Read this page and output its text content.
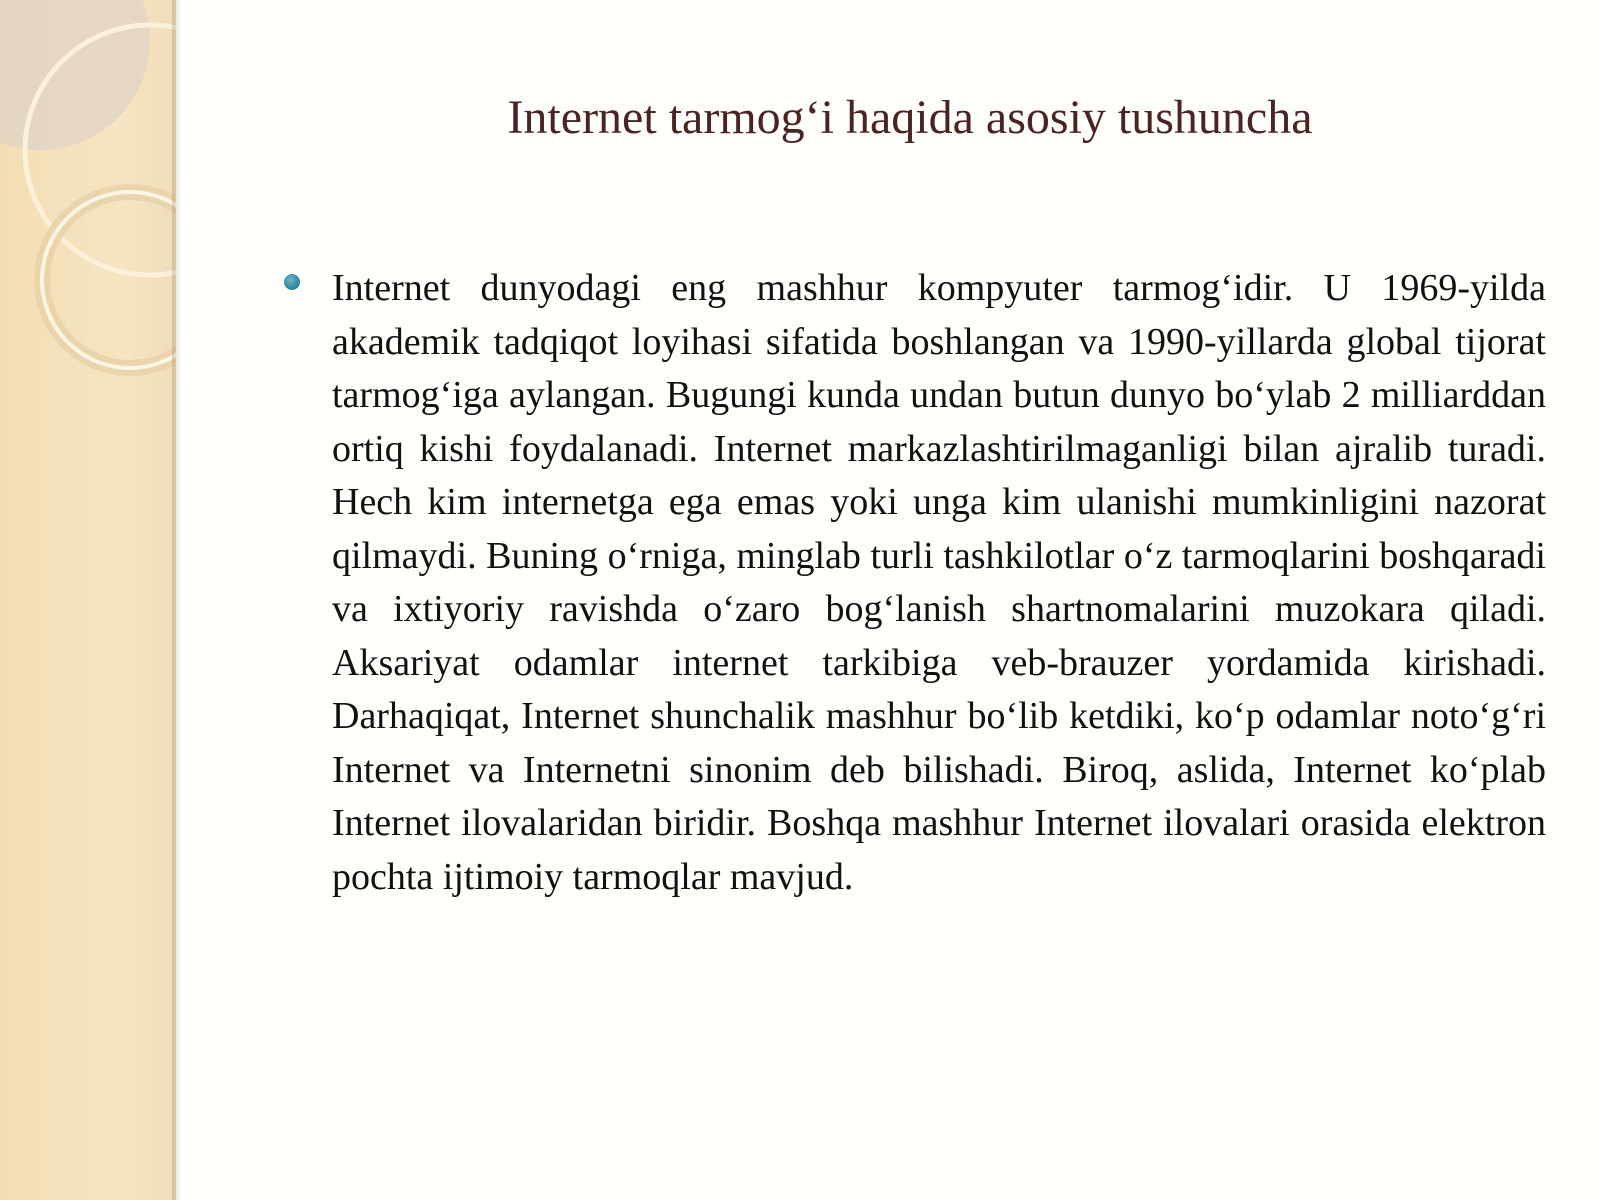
Internet tarmog‘i haqida asosiy tushuncha

Internet dunyodagi eng mashhur kompyuter tarmog‘idir. U 1969-yilda akademik tadqiqot loyihasi sifatida boshlangan va 1990-yillarda global tijorat tarmog‘iga aylangan. Bugungi kunda undan butun dunyo bo‘ylab 2 milliarddan ortiq kishi foydalanadi. Internet markazlashtirilmaganligi bilan ajralib turadi. Hech kim internetga ega emas yoki unga kim ulanishi mumkinligini nazorat qilmaydi. Buning o‘rniga, minglab turli tashkilotlar o‘z tarmoqlarini boshqaradi va ixtiyoriy ravishda o‘zaro bog‘lanish shartnomalarini muzokara qiladi.  Aksariyat odamlar internet tarkibiga veb-brauzer yordamida kirishadi. Darhaqiqat, Internet shunchalik mashhur bo‘lib ketdiki, ko‘p odamlar noto‘g‘ri Internet va Internetni sinonim deb bilishadi. Biroq, aslida, Internet ko‘plab Internet ilovalaridan biridir. Boshqa mashhur Internet ilovalari orasida elektron pochta ijtimoiy tarmoqlar mavjud.
